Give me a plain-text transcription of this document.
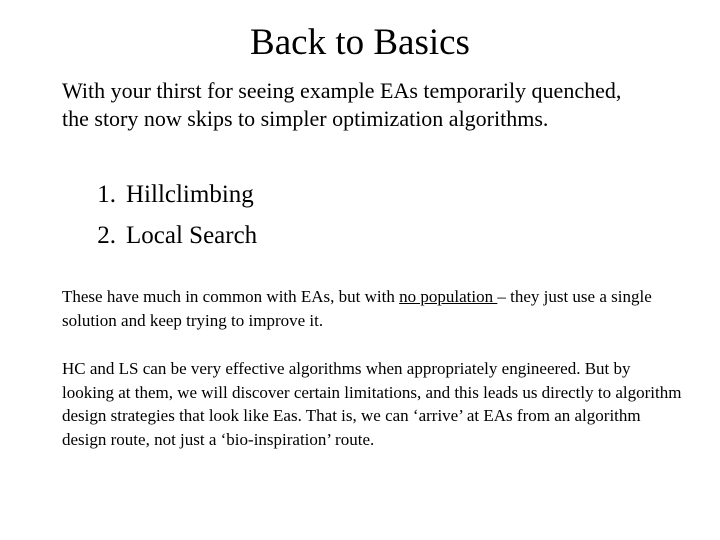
Back to Basics

With your thirst for seeing example EAs temporarily quenched, the story now skips to simpler optimization algorithms.

1. Hillclimbing
2. Local Search

These have much in common with EAs, but with no population – they just use a single solution and keep trying to improve it.

HC and LS can be very effective algorithms when appropriately engineered. But by looking at them, we will discover certain limitations, and this leads us directly to algorithm design strategies that look like Eas. That is, we can ‘arrive’ at EAs from an algorithm design route, not just a ‘bio-inspiration’ route.
